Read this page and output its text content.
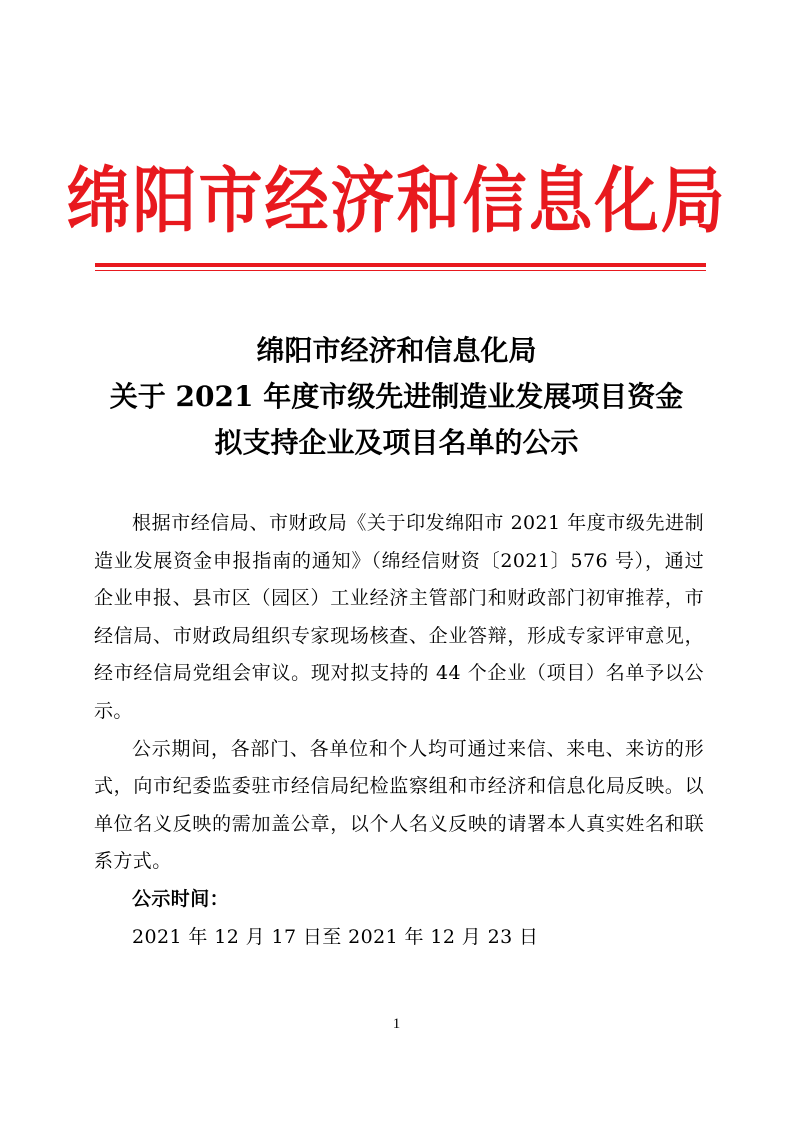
绵阳市经济和信息化局
绵阳市经济和信息化局
关于 2021 年度市级先进制造业发展项目资金
拟支持企业及项目名单的公示

根据市经信局、市财政局《关于印发绵阳市 2021 年度市级先进制造业发展资金申报指南的通知》（绵经信财资〔2021〕576 号），通过企业申报、县市区（园区）工业经济主管部门和财政部门初审推荐，市经信局、市财政局组织专家现场核查、企业答辩，形成专家评审意见，经市经信局党组会审议。现对拟支持的 44 个企业（项目）名单予以公示。

公示期间，各部门、各单位和个人均可通过来信、来电、来访的形式，向市纪委监委驻市经信局纪检监察组和市经济和信息化局反映。以单位名义反映的需加盖公章，以个人名义反映的请署本人真实姓名和联系方式。

公示时间：

2021 年 12 月 17 日至 2021 年 12 月 23 日

1
